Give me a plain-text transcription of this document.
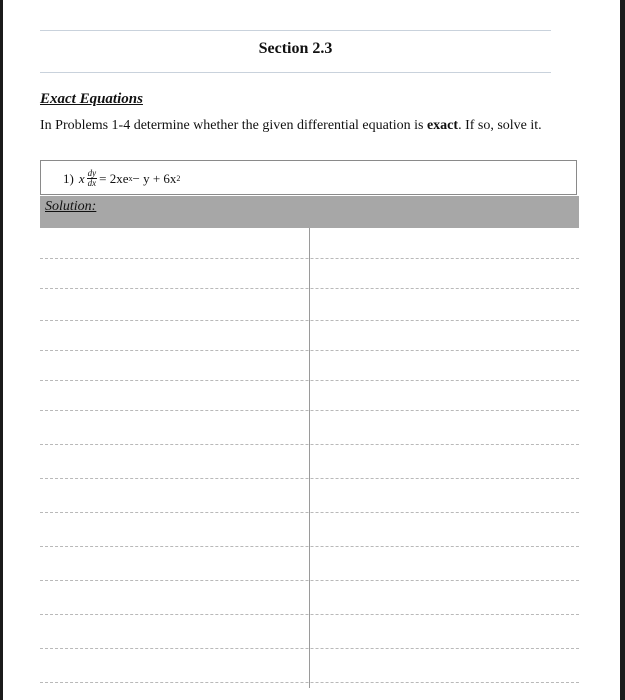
Section 2.3
Exact Equations
In Problems 1-4 determine whether the given differential equation is exact. If so, solve it.
1) x $\frac{dy}{dx} = 2xe$ x − y + 6x 2
Solution:
